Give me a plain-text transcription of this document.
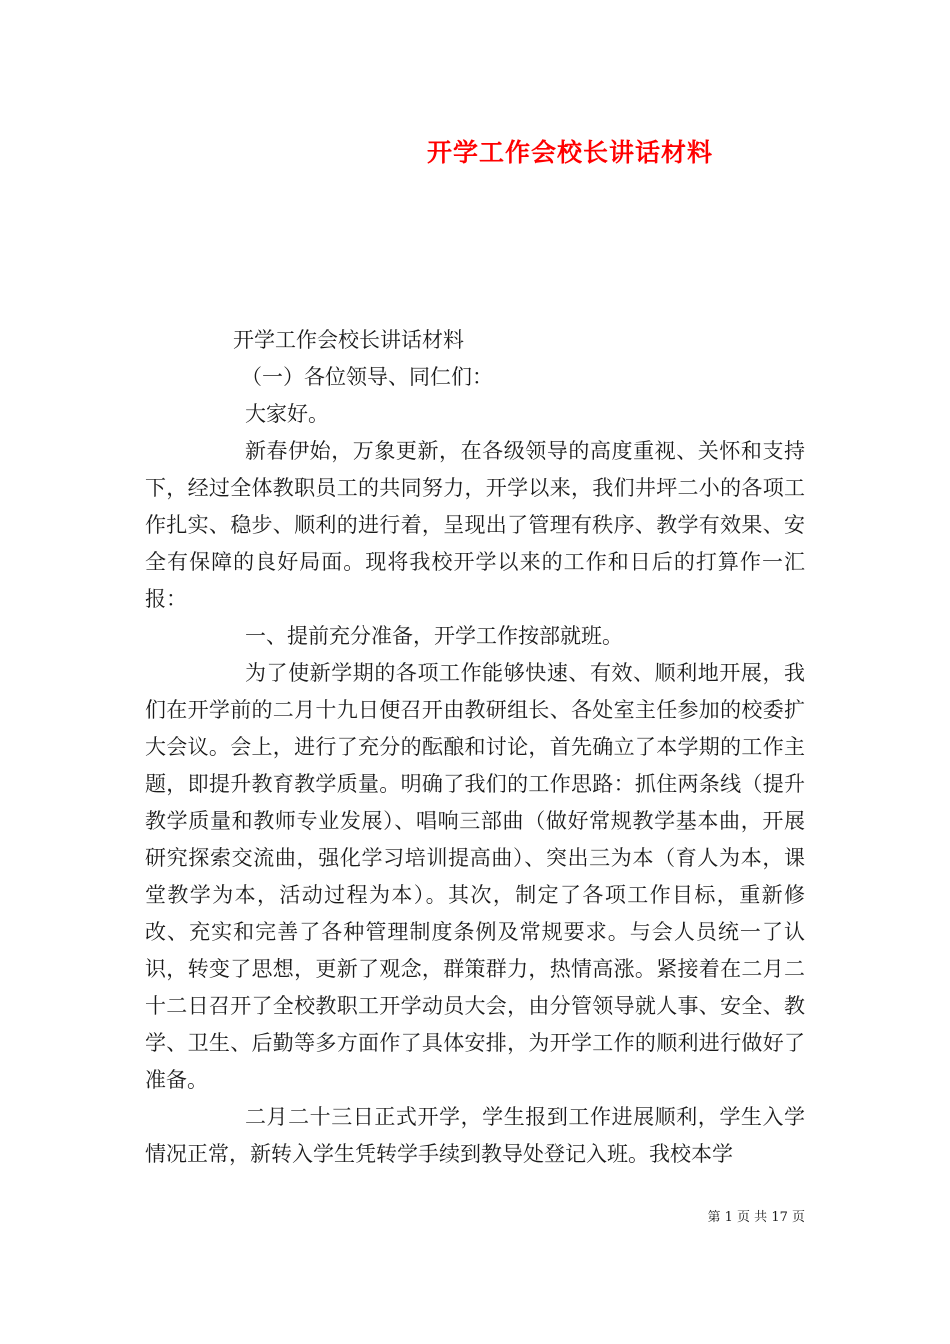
开学工作会校长讲话材料

开学工作会校长讲话材料

（一）各位领导、同仁们：

大家好。

新春伊始，万象更新，在各级领导的高度重视、关怀和支持下，经过全体教职员工的共同努力，开学以来，我们井坪二小的各项工作扎实、稳步、顺利的进行着，呈现出了管理有秩序、教学有效果、安全有保障的良好局面。现将我校开学以来的工作和日后的打算作一汇报：

一、提前充分准备，开学工作按部就班。

为了使新学期的各项工作能够快速、有效、顺利地开展，我们在开学前的二月十九日便召开由教研组长、各处室主任参加的校委扩大会议。会上，进行了充分的酝酿和讨论，首先确立了本学期的工作主题，即提升教育教学质量。明确了我们的工作思路：抓住两条线（提升教学质量和教师专业发展）、唱响三部曲（做好常规教学基本曲，开展研究探索交流曲，强化学习培训提高曲）、突出三为本（育人为本，课堂教学为本，活动过程为本）。其次，制定了各项工作目标，重新修改、充实和完善了各种管理制度条例及常规要求。与会人员统一了认识，转变了思想，更新了观念，群策群力，热情高涨。紧接着在二月二十二日召开了全校教职工开学动员大会，由分管领导就人事、安全、教学、卫生、后勤等多方面作了具体安排，为开学工作的顺利进行做好了准备。

二月二十三日正式开学，学生报到工作进展顺利，学生入学情况正常，新转入学生凭转学手续到教导处登记入班。我校本学

第 1 页 共 17 页
